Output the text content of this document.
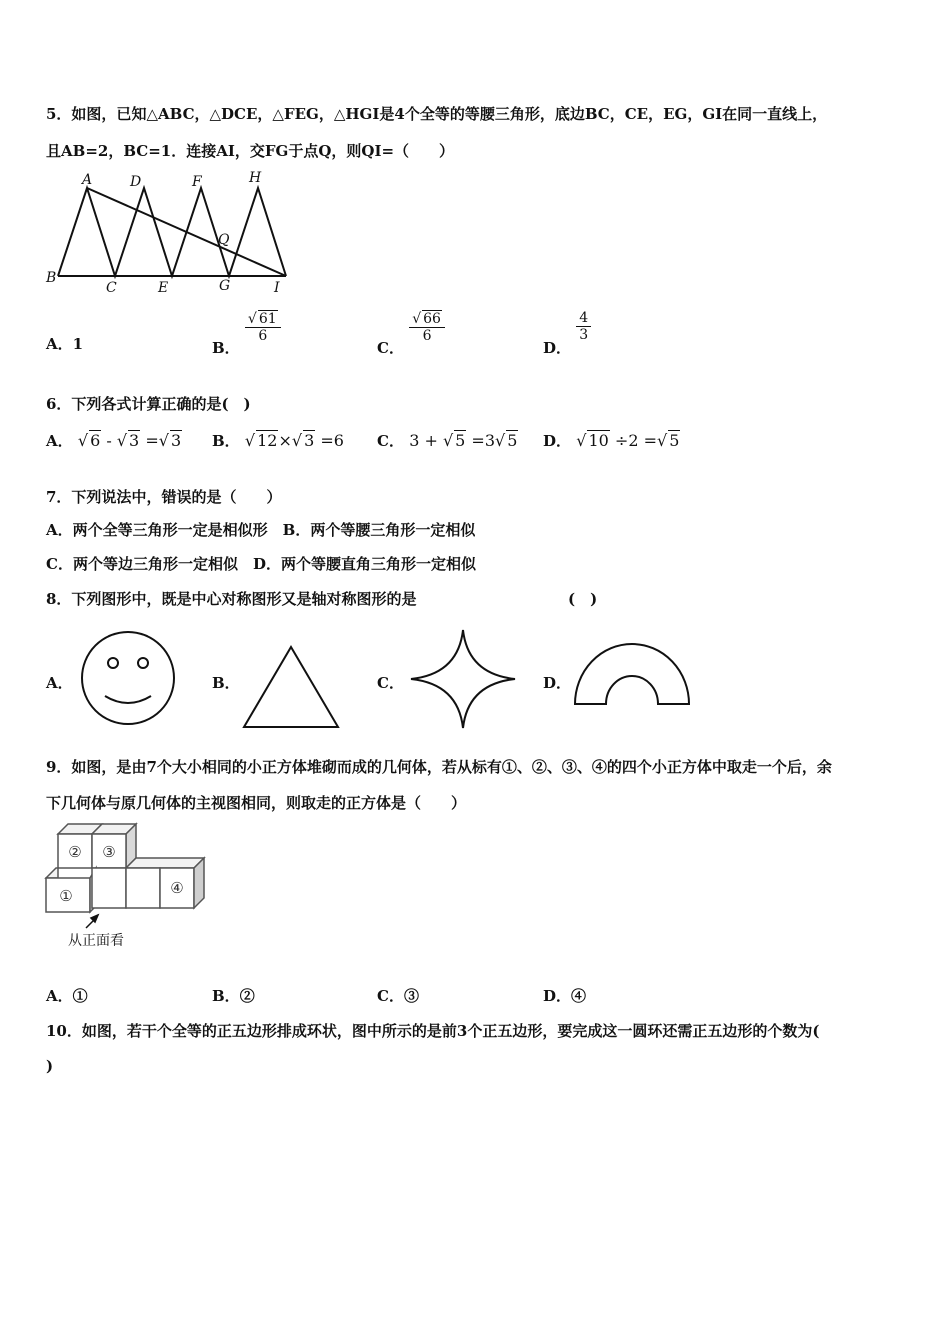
5．如图，已知△ABC，△DCE，△FEG，△HGI是4个全等的等腰三角形，底边BC，CE，EG，GI在同一直线上，
且AB=2，BC=1．连接AI，交FG于点Q，则QI=（　　）
A	D	F	H
Q
B
C	E	G	I
A．1	B．
$\frac{√ 61}{6}$
C．
$\frac{√ 66}{6}$
D．
$\frac{4}{3}$
6．下列各式计算正确的是(　)
A． √ 6 - √ 3 =√ 3 B． √ 12×√ 3 =6 C． 3 + √ 5 =3√ 5 D． √ 10 ÷2 =√ 5
7．下列说法中，错误的是（　　）
A．两个全等三角形一定是相似形　B．两个等腰三角形一定相似
C．两个等边三角形一定相似　D．两个等腰直角三角形一定相似
8．下列图形中，既是中心对称图形又是轴对称图形的是	(　)
A．	B．	C．	D．
9．如图，是由7个大小相同的小正方体堆砌而成的几何体，若从标有①、②、③、④的四个小正方体中取走一个后，余
下几何体与原几何体的主视图相同，则取走的正方体是（　　）
② ③
①	④
从正面看
A．①	B．②	C．③	D．④
10．如图，若干个全等的正五边形排成环状，图中所示的是前3个正五边形，要完成这一圆环还需正五边形的个数为(
)
